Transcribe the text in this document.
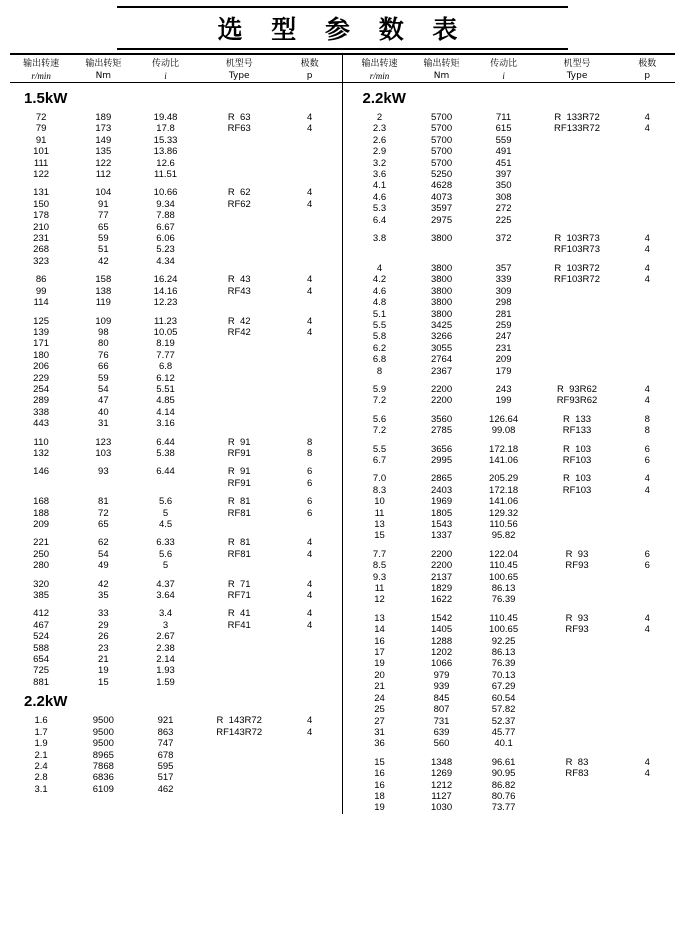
选 型 参 数 表
输出转速	输出转矩	传动比	机型号	极数
r/min	Nm	i	Type	p
输出转速	输出转矩	传动比	机型号	极数
r/min	Nm	i	Type	p
1.5kW
72	189	19.48	R  63	4
79	173	17.8	RF63	4
91	149	15.33		
101	135	13.86		
111	122	12.6		
122	112	11.51		

131	104	10.66	R  62	4
150	91	9.34	RF62	4
178	77	7.88		
210	65	6.67		
231	59	6.06		
268	51	5.23		
323	42	4.34		

86	158	16.24	R  43	4
99	138	14.16	RF43	4
114	119	12.23		

125	109	11.23	R  42	4
139	98	10.05	RF42	4
171	80	8.19		
180	76	7.77		
206	66	6.8		
229	59	6.12		
254	54	5.51		
289	47	4.85		
338	40	4.14		
443	31	3.16		

110	123	6.44	R  91	8
132	103	5.38	RF91	8

146	93	6.44	R  91	6
			RF91	6

168	81	5.6	R  81	6
188	72	5	RF81	6
209	65	4.5		

221	62	6.33	R  81	4
250	54	5.6	RF81	4
280	49	5		

320	42	4.37	R  71	4
385	35	3.64	RF71	4

412	33	3.4	R  41	4
467	29	3	RF41	4
524	26	2.67		
588	23	2.38		
654	21	2.14		
725	19	1.93		
881	15	1.59		
2.2kW
1.6	9500	921	R  143R72	4
1.7	9500	863	RF143R72	4
1.9	9500	747		
2.1	8965	678		
2.4	7868	595		
2.8	6836	517		
3.1	6109	462		
2.2kW
2	5700	711	R  133R72	4
2.3	5700	615	RF133R72	4
2.6	5700	559		
2.9	5700	491		
3.2	5700	451		
3.6	5250	397		
4.1	4628	350		
4.6	4073	308		
5.3	3597	272		
6.4	2975	225		

3.8	3800	372	R  103R73	4
			RF103R73	4

4	3800	357	R  103R72	4
4.2	3800	339	RF103R72	4
4.6	3800	309		
4.8	3800	298		
5.1	3800	281		
5.5	3425	259		
5.8	3266	247		
6.2	3055	231		
6.8	2764	209		
8	2367	179		

5.9	2200	243	R  93R62	4
7.2	2200	199	RF93R62	4

5.6	3560	126.64	R  133	8
7.2	2785	99.08	RF133	8

5.5	3656	172.18	R  103	6
6.7	2995	141.06	RF103	6

7.0	2865	205.29	R  103	4
8.3	2403	172.18	RF103	4
10	1969	141.06		
11	1805	129.32		
13	1543	110.56		
15	1337	95.82		

7.7	2200	122.04	R  93	6
8.5	2200	110.45	RF93	6
9.3	2137	100.65		
11	1829	86.13		
12	1622	76.39		

13	1542	110.45	R  93	4
14	1405	100.65	RF93	4
16	1288	92.25		
17	1202	86.13		
19	1066	76.39		
20	979	70.13		
21	939	67.29		
24	845	60.54		
25	807	57.82		
27	731	52.37		
31	639	45.77		
36	560	40.1		

15	1348	96.61	R  83	4
16	1269	90.95	RF83	4
16	1212	86.82		
18	1127	80.76		
19	1030	73.77		
